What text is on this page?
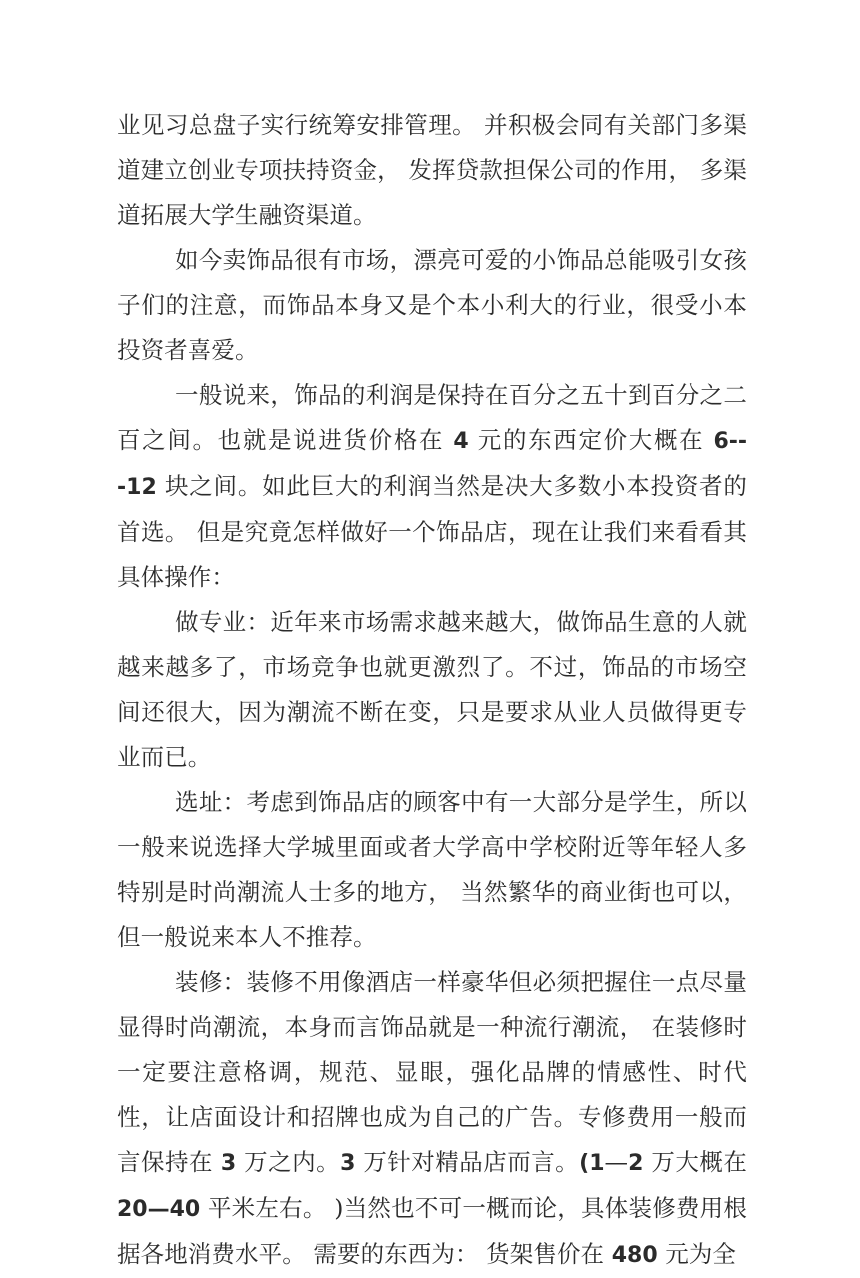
业见习总盘子实行统筹安排管理。 并积极会同有关部门多渠道建立创业专项扶持资金， 发挥贷款担保公司的作用， 多渠道拓展大学生融资渠道。

如今卖饰品很有市场，漂亮可爱的小饰品总能吸引女孩子们的注意，而饰品本身又是个本小利大的行业，很受小本投资者喜爱。

一般说来，饰品的利润是保持在百分之五十到百分之二百之间。也就是说进货价格在 4 元的东西定价大概在 6---12 块之间。如此巨大的利润当然是决大多数小本投资者的首选。 但是究竟怎样做好一个饰品店，现在让我们来看看其具体操作：

做专业：近年来市场需求越来越大，做饰品生意的人就越来越多了，市场竞争也就更激烈了。不过，饰品的市场空间还很大，因为潮流不断在变，只是要求从业人员做得更专业而已。

选址：考虑到饰品店的顾客中有一大部分是学生，所以一般来说选择大学城里面或者大学高中学校附近等年轻人多特别是时尚潮流人士多的地方， 当然繁华的商业街也可以， 但一般说来本人不推荐。

装修：装修不用像酒店一样豪华但必须把握住一点尽量显得时尚潮流，本身而言饰品就是一种流行潮流， 在装修时一定要注意格调，规范、显眼，强化品牌的情感性、时代性，让店面设计和招牌也成为自己的广告。专修费用一般而言保持在 3 万之内。3 万针对精品店而言。(1—2 万大概在 20—40 平米左右。 )当然也不可一概而论，具体装修费用根据各地消费水平。 需要的东西为： 货架售价在 480 元为全
